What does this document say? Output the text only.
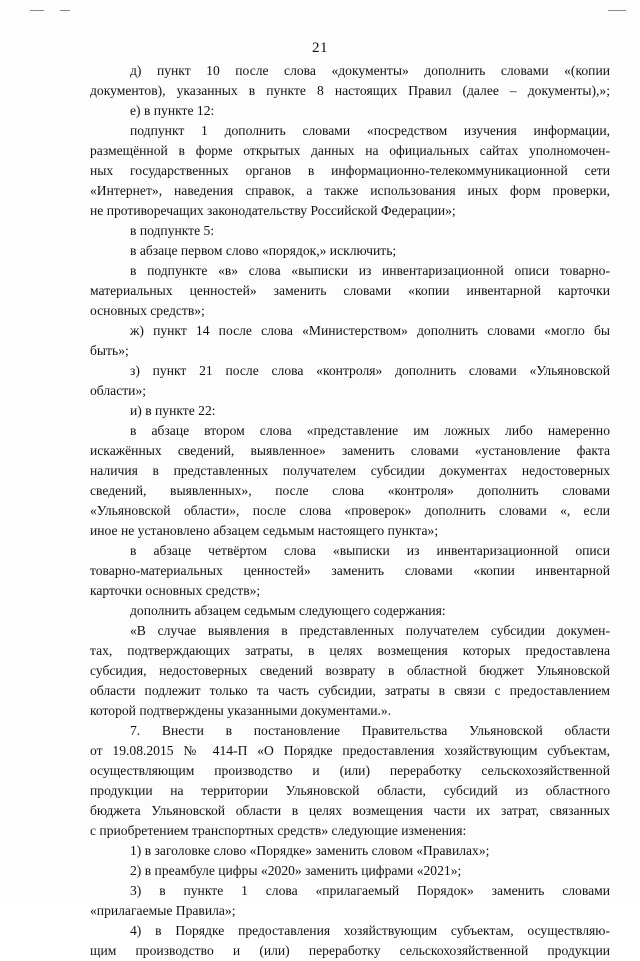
21
д) пункт 10 после слова «документы» дополнить словами «(копии
документов), указанных в пункте 8 настоящих Правил (далее – документы),»;
е) в пункте 12:
подпункт 1 дополнить словами «посредством изучения информации,
размещённой в форме открытых данных на официальных сайтах уполномочен-
ных государственных органов в информационно-телекоммуникационной сети
«Интернет», наведения справок, а также использования иных форм проверки,
не противоречащих законодательству Российской Федерации»;
в подпункте 5:
в абзаце первом слово «порядок,» исключить;
в подпункте «в» слова «выписки из инвентаризационной описи товарно-
материальных ценностей» заменить словами «копии инвентарной карточки
основных средств»;
ж) пункт 14 после слова «Министерством» дополнить словами «могло бы
быть»;
з) пункт 21 после слова «контроля» дополнить словами «Ульяновской
области»;
и) в пункте 22:
в абзаце втором слова «представление им ложных либо намеренно
искажённых сведений, выявленное» заменить словами «установление факта
наличия в представленных получателем субсидии документах недостоверных
сведений, выявленных», после слова «контроля» дополнить словами
«Ульяновской области», после слова «проверок» дополнить словами «, если
иное не установлено абзацем седьмым настоящего пункта»;
в абзаце четвёртом слова «выписки из инвентаризационной описи
товарно-материальных ценностей» заменить словами «копии инвентарной
карточки основных средств»;
дополнить абзацем седьмым следующего содержания:
«В случае выявления в представленных получателем субсидии докумен-
тах, подтверждающих затраты, в целях возмещения которых предоставлена
субсидия, недостоверных сведений возврату в областной бюджет Ульяновской
области подлежит только та часть субсидии, затраты в связи с предоставлением
которой подтверждены указанными документами.».
7. Внести в постановление Правительства Ульяновской области
от 19.08.2015 № 414-П «О Порядке предоставления хозяйствующим субъектам,
осуществляющим производство и (или) переработку сельскохозяйственной
продукции на территории Ульяновской области, субсидий из областного
бюджета Ульяновской области в целях возмещения части их затрат, связанных
с приобретением транспортных средств» следующие изменения:
1) в заголовке слово «Порядке» заменить словом «Правилах»;
2) в преамбуле цифры «2020» заменить цифрами «2021»;
3) в пункте 1 слова «прилагаемый Порядок» заменить словами
«прилагаемые Правила»;
4) в Порядке предоставления хозяйствующим субъектам, осуществляю-
щим производство и (или) переработку сельскохозяйственной продукции
